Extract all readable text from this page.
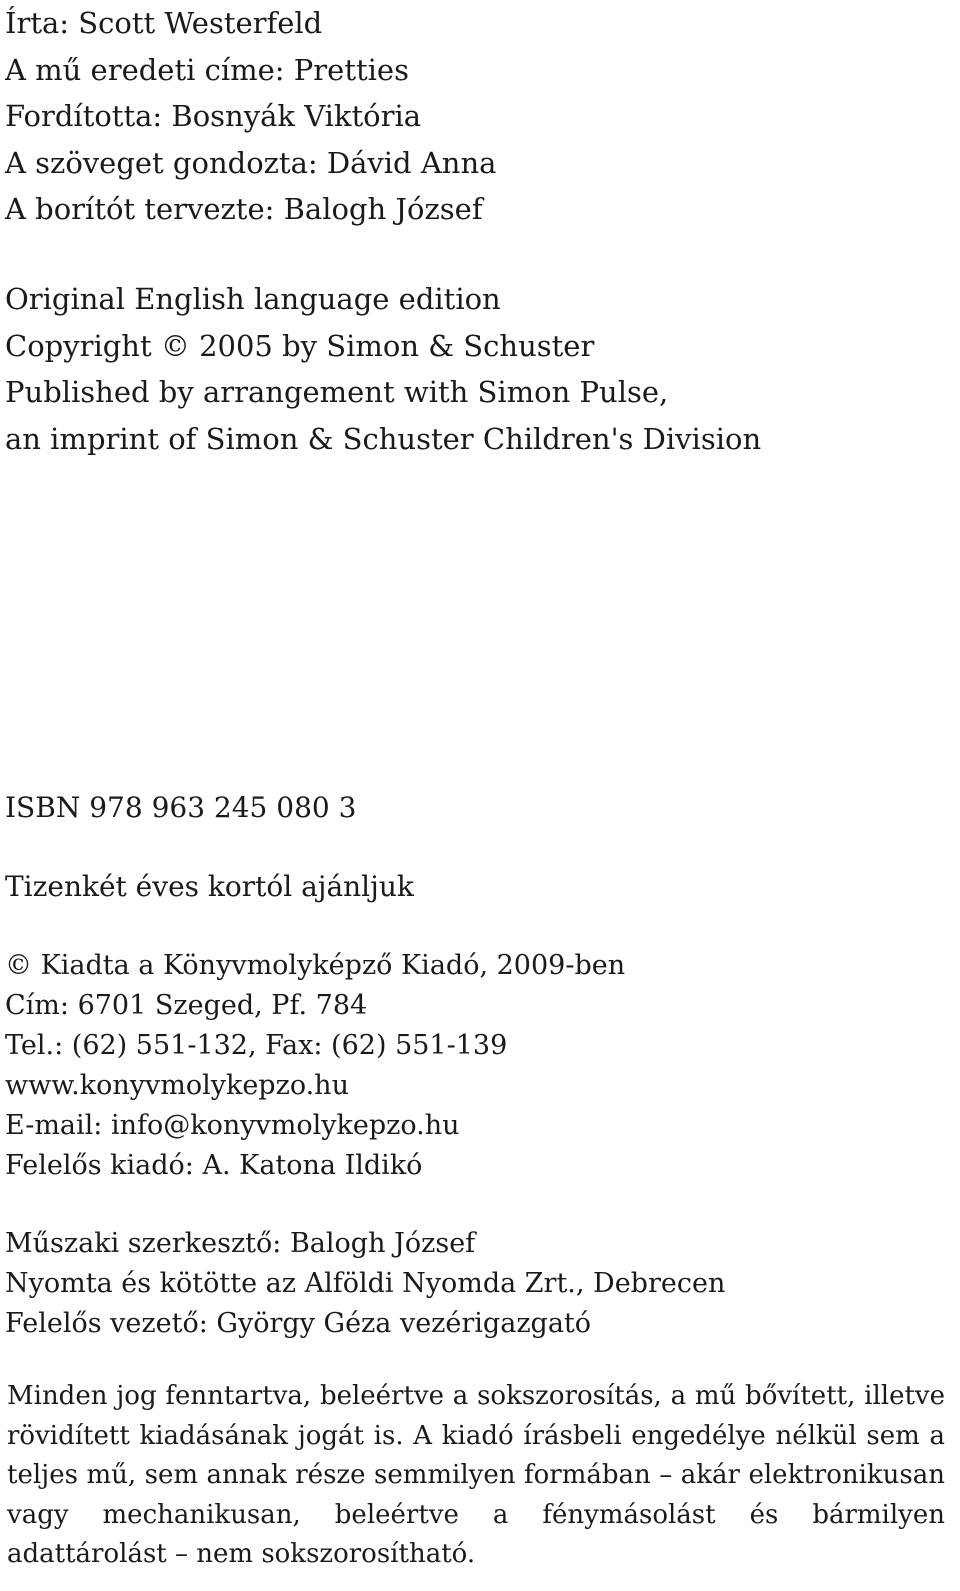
Írta: Scott Westerfeld
A mű eredeti címe: Pretties
Fordította: Bosnyák Viktória
A szöveget gondozta: Dávid Anna
A borítót tervezte: Balogh József
Original English language edition
Copyright © 2005 by Simon & Schuster
Published by arrangement with Simon Pulse,
an imprint of Simon & Schuster Children's Division
ISBN 978 963 245 080 3
Tizenkét éves kortól ajánljuk
© Kiadta a Könyvmolyképző Kiadó, 2009-ben
Cím: 6701 Szeged, Pf. 784
Tel.: (62) 551-132, Fax: (62) 551-139
www.konyvmolykepzo.hu
E-mail: info@konyvmolykepzo.hu
Felelős kiadó: A. Katona Ildikó
Műszaki szerkesztő: Balogh József
Nyomta és kötötte az Alföldi Nyomda Zrt., Debrecen
Felelős vezető: György Géza vezérigazgató

Minden jog fenntartva, beleértve a sokszorosítás, a mű bővített, illetve rövidített kiadásának jogát is. A kiadó írásbeli engedélye nélkül sem a teljes mű, sem annak része semmilyen formában – akár elektronikusan vagy mechanikusan, beleértve a fénymásolást és bármilyen adattárolást – nem sokszorosítható.
